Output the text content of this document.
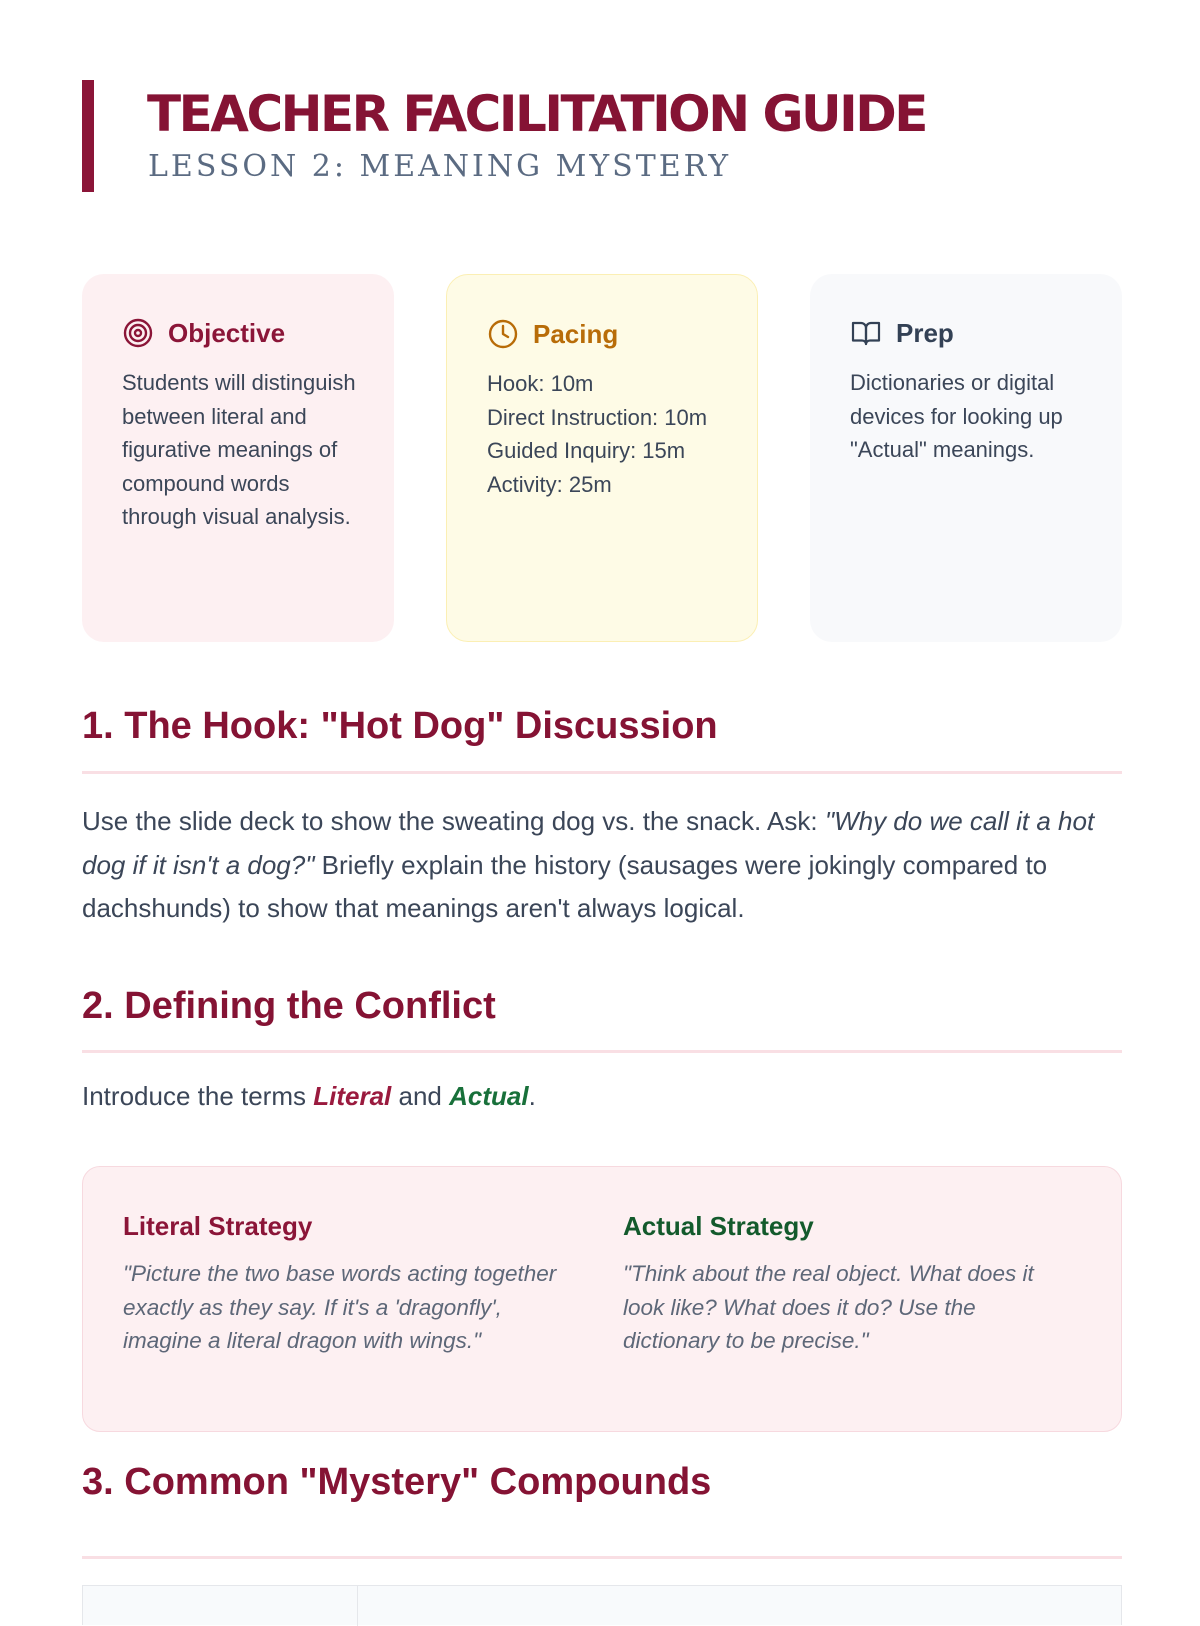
TEACHER FACILITATION GUIDE
LESSON 2: MEANING MYSTERY
Objective

Students will distinguish between literal and figurative meanings of compound words through visual analysis.

Pacing

Hook: 10m
Direct Instruction: 10m
Guided Inquiry: 15m
Activity: 25m

Prep

Dictionaries or digital devices for looking up "Actual" meanings.

1. The Hook: "Hot Dog" Discussion

Use the slide deck to show the sweating dog vs. the snack. Ask: "Why do we call it a hot dog if it isn't a dog?" Briefly explain the history (sausages were jokingly compared to dachshunds) to show that meanings aren't always logical.

2. Defining the Conflict

Introduce the terms Literal and Actual.

Literal Strategy

"Picture the two base words acting together exactly as they say. If it's a 'dragonfly', imagine a literal dragon with wings."

Actual Strategy

"Think about the real object. What does it look like? What does it do? Use the dictionary to be precise."

3. Common "Mystery" Compounds
